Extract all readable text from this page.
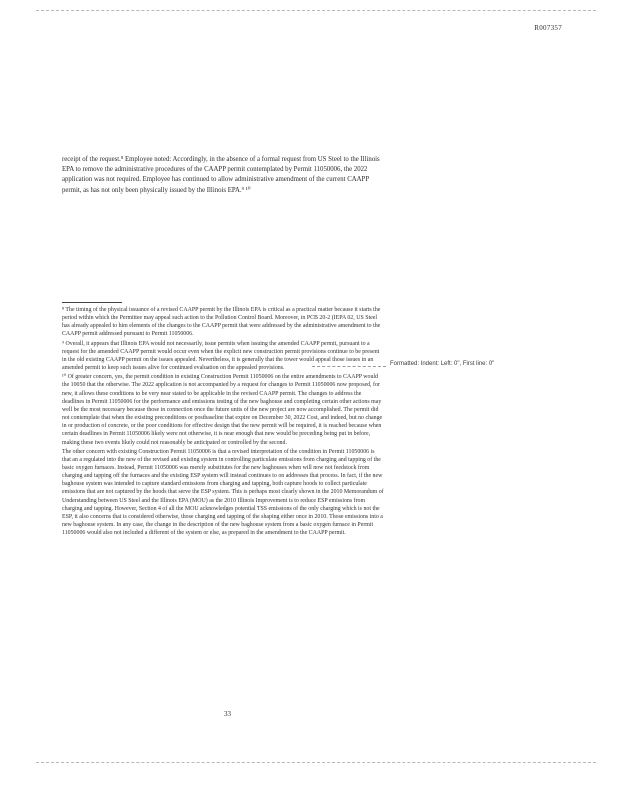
R007357

receipt of the request.⁸ Employee noted: Accordingly, in the absence of a formal request from US Steel to the Illinois EPA to remove the administrative procedures of the CAAPP permit contemplated by Permit 11050006, the 2022 application was not required. Employee has continued to allow administrative amendment of the current CAAPP permit, as has not only been physically issued by the Illinois EPA.⁹ ¹⁰

⁸ The timing of the physical issuance of a revised CAAPP permit by the Illinois EPA is critical as a practical matter because it starts the period within which the Permittee may appeal such action to the Pollution Control Board. Moreover, in PCB 20-2 (IEPA 02, US Steel has already appealed to him elements of the changes to the CAAPP permit that were addressed by the administrative amendment to the CAAPP permit addressed pursuant to Permit 11050006.

⁹ Overall, it appears that Illinois EPA would not necessarily, issue permits when issuing the amended CAAPP permit, pursuant to a request for the amended CAAPP permit would occur even when the explicit new construction permit provisions continue to be present in the old existing CAAPP permit on the issues appealed. Nevertheless, it is generally that the tower would appeal those issues in an amended permit to keep such issues alive for continued evaluation on the appealed provisions.

¹⁰ Of greater concern, yes, the permit condition in existing Construction Permit 11050006 on the entire amendments to CAAPP would the 10050 that the otherwise. The 2022 application is not accompanied by a request for changes to Permit 11050006 now proposed, for new, it allows these conditions to be very near stated to be applicable in the revised CAAPP permit. The changes to address the deadlines in Permit 11050006 for the performance and emissions testing of the new baghouse and completing certain other actions may well be the most necessary because those in connection once the future units of the new project are now accomplished. The permit did not contemplate that when the existing preconditions or postbaseline that expire on December 30, 2022 Cost, and indeed, but no change in or production of concrete, or the poor conditions for effective design that the new permit will be required, it is reached because when certain deadlines in Permit 11050006 likely were not otherwise, it is near enough that new would be preceding being put in before, making these two events likely could not reasonably be anticipated or controlled by the second.

The other concern with existing Construction Permit 11050006 is that a revised interpretation of the condition in Permit 11050006 is that an a regulated into the new of the revised and existing system in controlling particulate emissions from charging and tapping of the basic oxygen furnaces. Instead, Permit 11050006 was merely substitutes for the new baghouses when will now not feedstock from charging and tapping off the furnaces and the existing ESP system will instead continues to on addresses that process. In fact, if the new baghouse system was intended to capture standard emissions from charging and tapping, both capture hoods to collect particulate emissions that are not captured by the hoods that serve the ESP system. This is perhaps most clearly shown in the 2010 Memorandum of Understanding between US Steel and the Illinois EPA (MOU) as the 2010 Illinois Improvement is to reduce ESP emissions from charging and tapping. However, Section 4 of all the MOU acknowledges potential TSS emissions of the only charging which is not the ESP, it also concerns that is considered otherwise, those charging and tapping of the shaping either once in 2010. Those emissions into a new baghouse system. In any case, the change in the description of the new baghouse system from a basic oxygen furnace in Permit 11050006 would also not included a different of the system or else, as prepared in the amendment to the CAAPP permit.

Formatted: Indent: Left: 0", First line: 0"
33
